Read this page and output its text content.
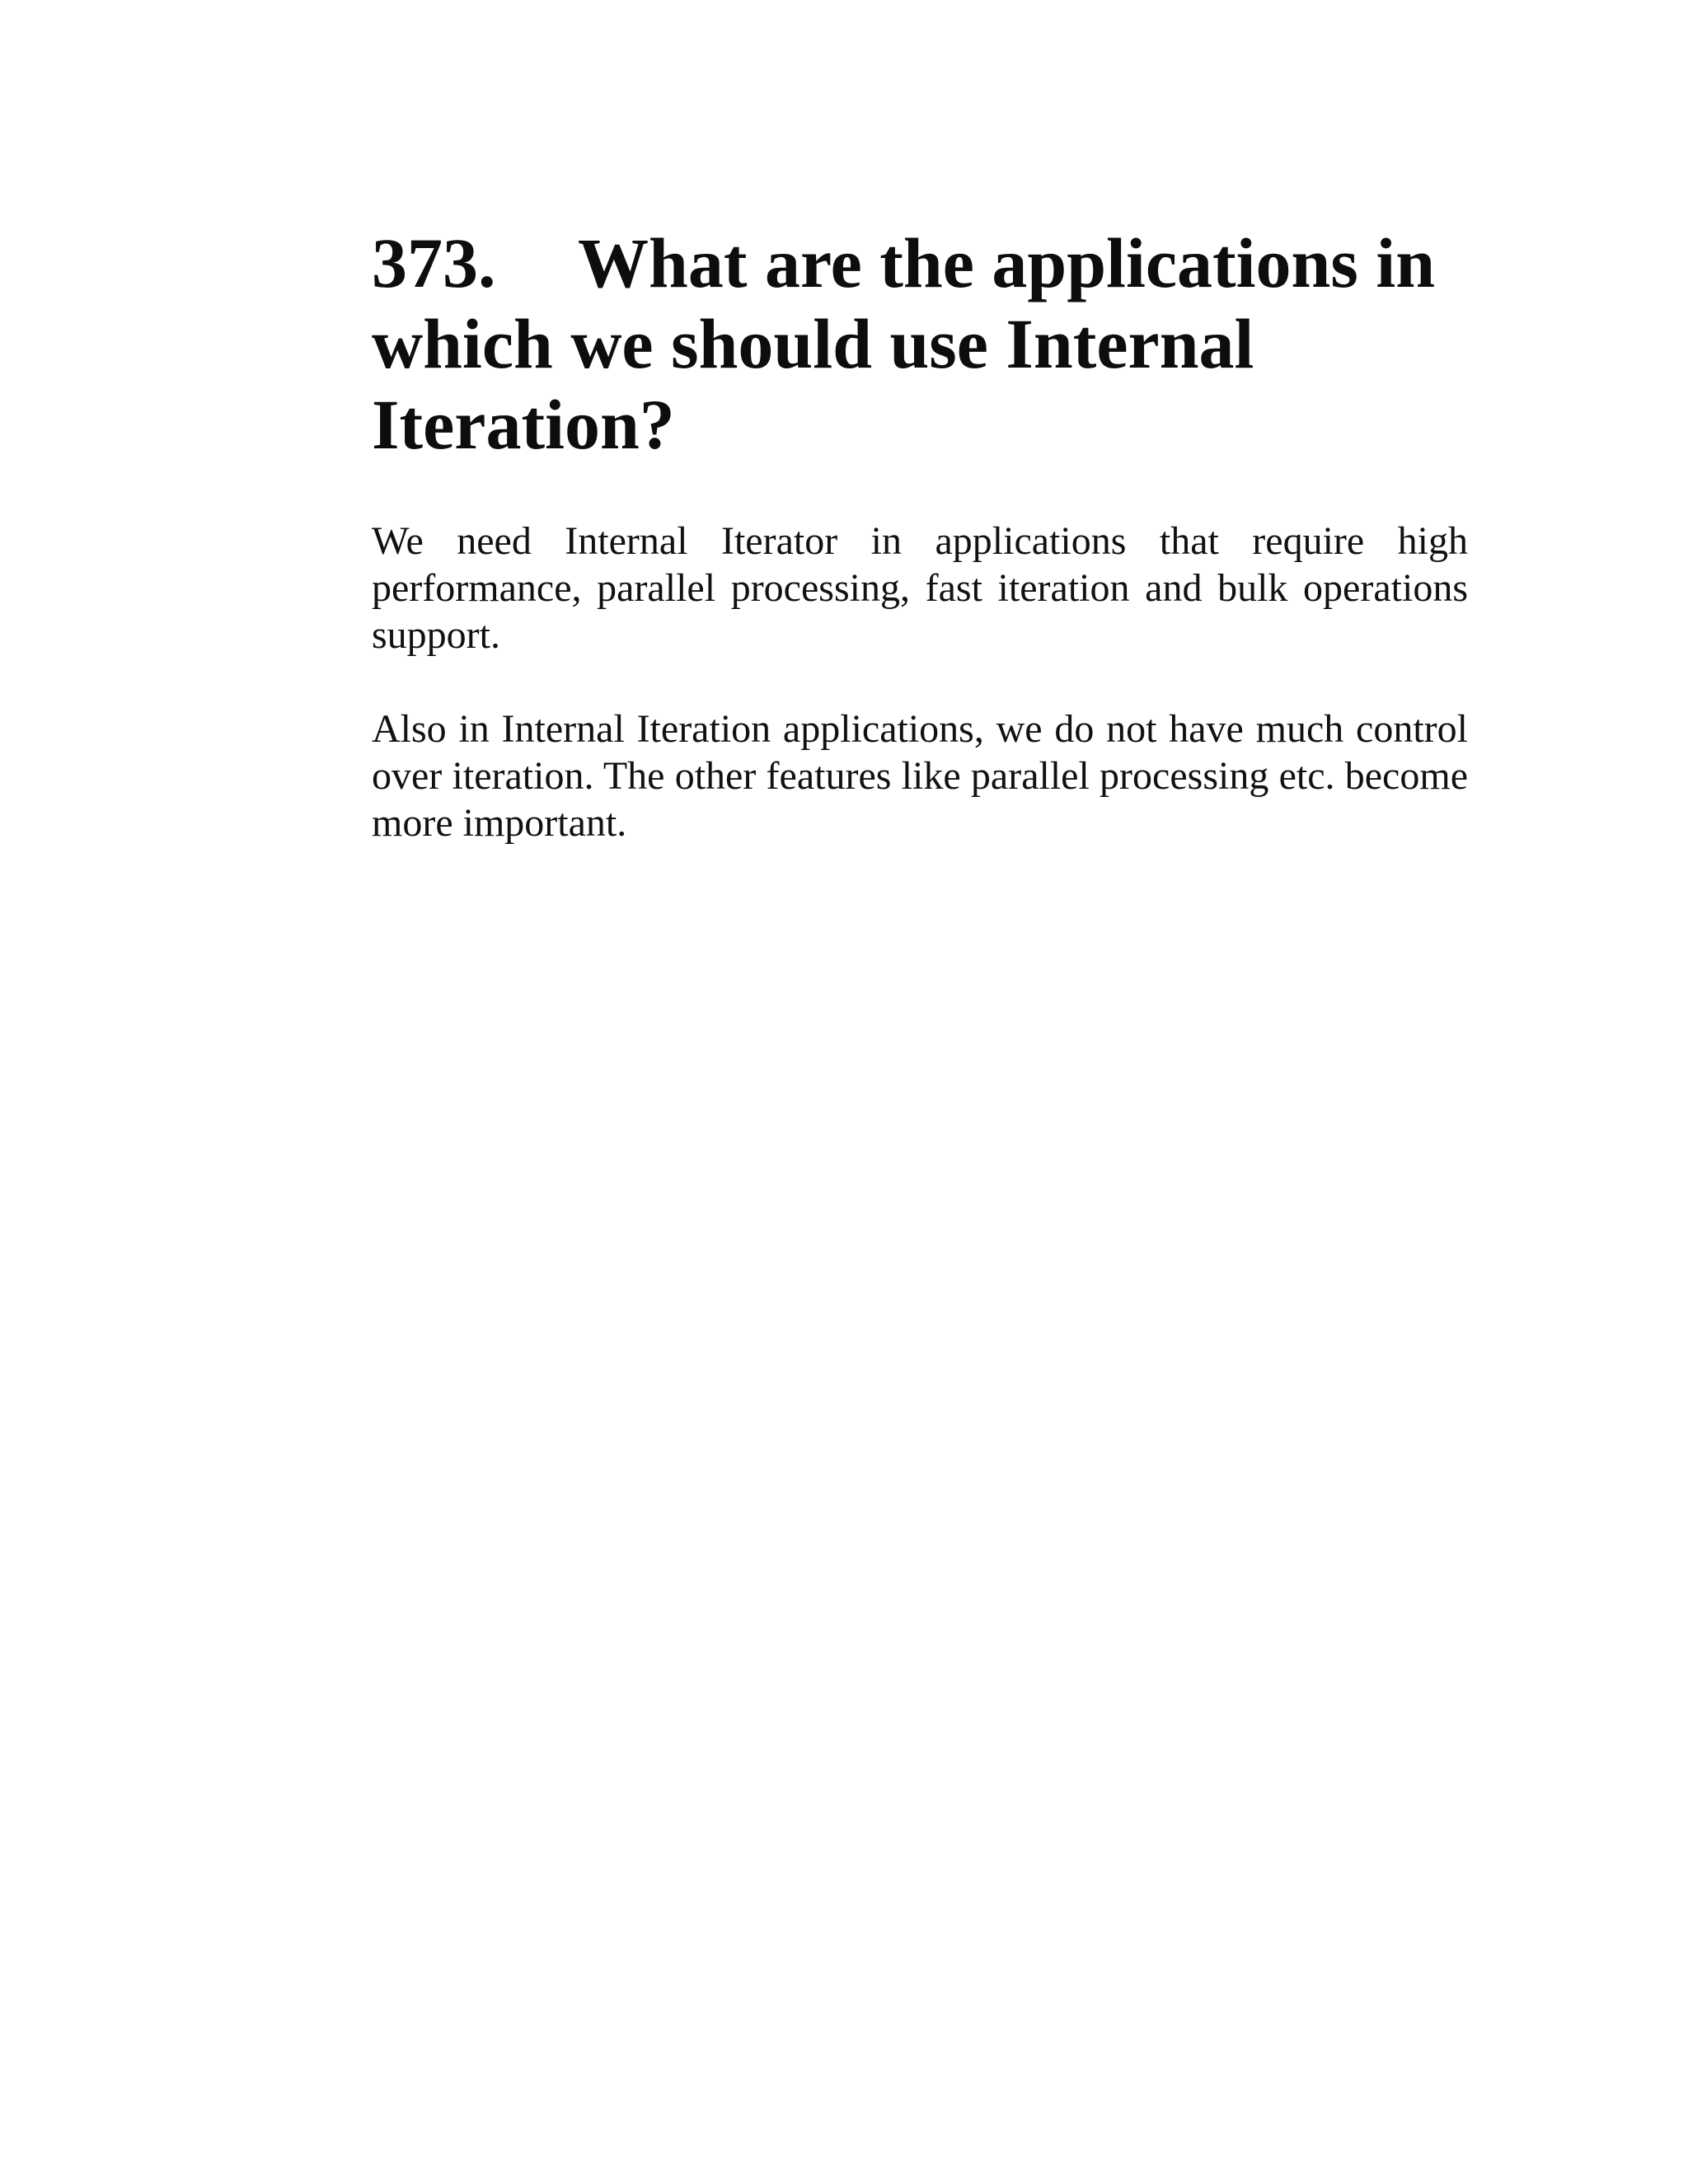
373. What are the applications in which we should use Internal Iteration?

We need Internal Iterator in applications that require high performance, parallel processing, fast iteration and bulk operations support.

Also in Internal Iteration applications, we do not have much control over iteration. The other features like parallel processing etc. become more important.
